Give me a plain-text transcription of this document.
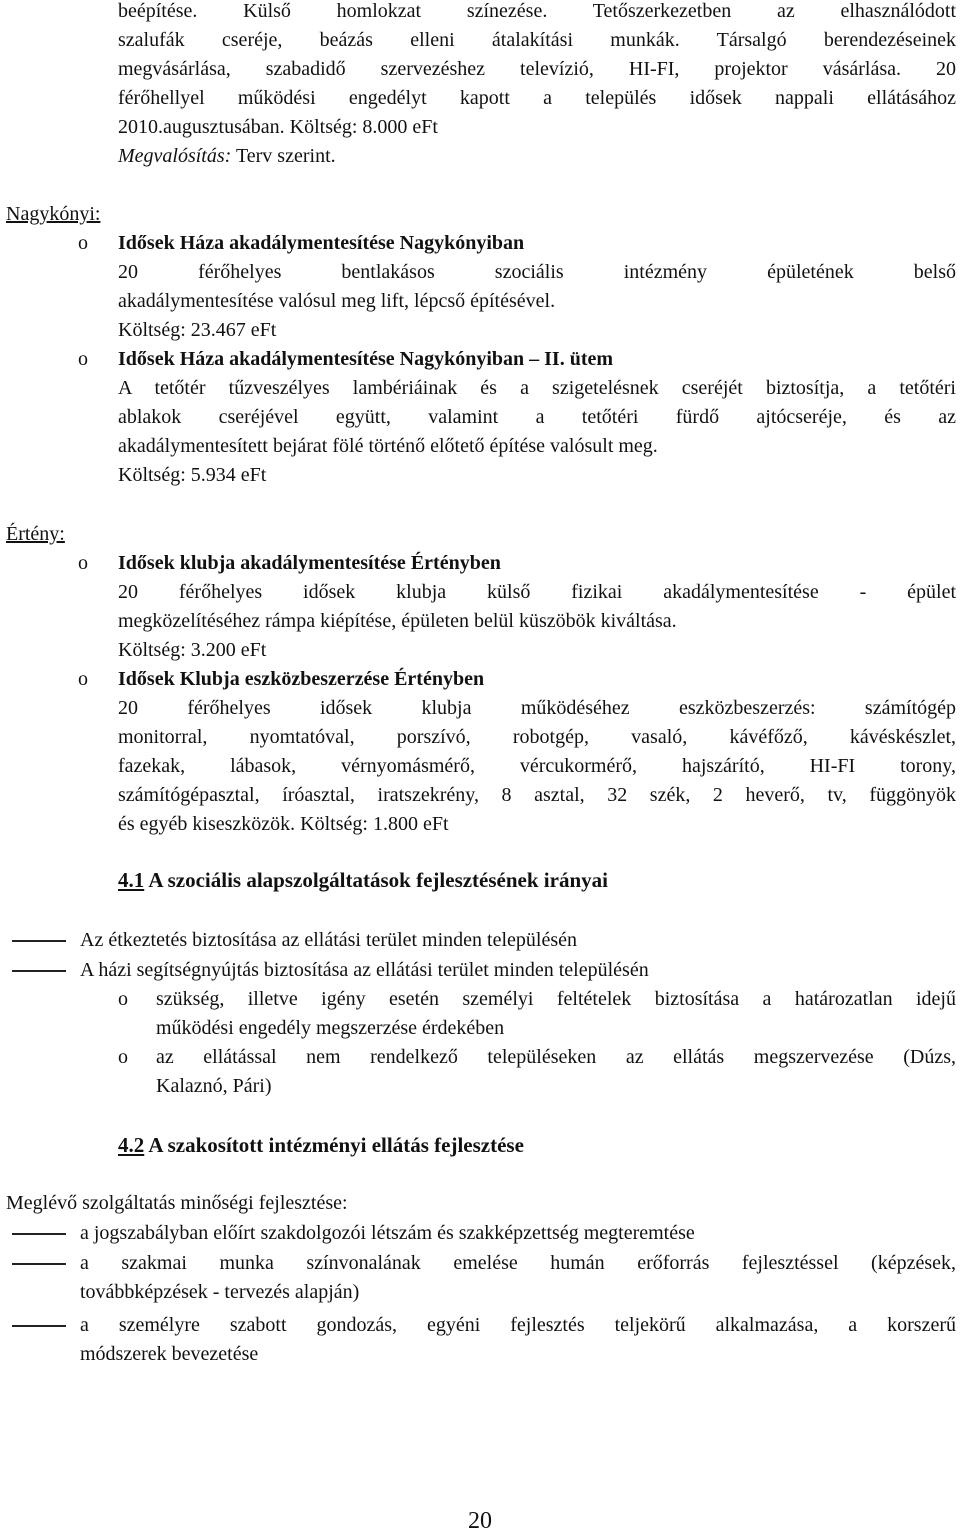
beépítése. Külső homlokzat színezése. Tetőszerkezetben az elhasználódott
szalufák cseréje, beázás elleni átalakítási munkák. Társalgó berendezéseinek
megvásárlása, szabadidő szervezéshez televízió, HI-FI, projektor vásárlása. 20
férőhellyel működési engedélyt kapott a település idősek nappali ellátásához
2010.augusztusában. Költség: 8.000 eFt
Megvalósítás: Terv szerint.
Nagykónyi:
o Idősek Háza akadálymentesítése Nagykónyiban
20 férőhelyes bentlakásos szociális intézmény épületének belső
akadálymentesítése valósul meg lift, lépcső építésével.
Költség: 23.467 eFt
o Idősek Háza akadálymentesítése Nagykónyiban – II. ütem
A tetőtér tűzveszélyes lambériáinak és a szigetelésnek cseréjét biztosítja, a tetőtéri
ablakok cseréjével együtt, valamint a tetőtéri fürdő ajtócseréje, és az
akadálymentesített bejárat fölé történő előtető építése valósult meg.
Költség: 5.934 eFt
Értény:
o Idősek klubja akadálymentesítése Értényben
20 férőhelyes idősek klubja külső fizikai akadálymentesítése - épület
megközelítéséhez rámpa kiépítése, épületen belül küszöbök kiváltása.
Költség: 3.200 eFt
o Idősek Klubja eszközbeszerzése Értényben
20 férőhelyes idősek klubja működéséhez eszközbeszerzés: számítógép
monitorral, nyomtatóval, porszívó, robotgép, vasaló, kávéfőző, kávéskészlet,
fazekak, lábasok, vérnyomásmérő, vércukormérő, hajszárító, HI-FI torony,
számítógépasztal, íróasztal, iratszekrény, 8 asztal, 32 szék, 2 heverő, tv, függönyök
és egyéb kiseszközök. Költség: 1.800 eFt
4.1 A szociális alapszolgáltatások fejlesztésének irányai
Az étkeztetés biztosítása az ellátási terület minden településén
A házi segítségnyújtás biztosítása az ellátási terület minden településén
o szükség, illetve igény esetén személyi feltételek biztosítása a határozatlan idejű
működési engedély megszerzése érdekében
o az ellátással nem rendelkező településeken az ellátás megszervezése (Dúzs,
Kalaznó, Pári)
4.2 A szakosított intézményi ellátás fejlesztése
Meglévő szolgáltatás minőségi fejlesztése:
a jogszabályban előírt szakdolgozói létszám és szakképzettség megteremtése
a szakmai munka színvonalának emelése humán erőforrás fejlesztéssel (képzések,
továbbképzések - tervezés alapján)
a személyre szabott gondozás, egyéni fejlesztés teljekörű alkalmazása, a korszerű
módszerek bevezetése
20
